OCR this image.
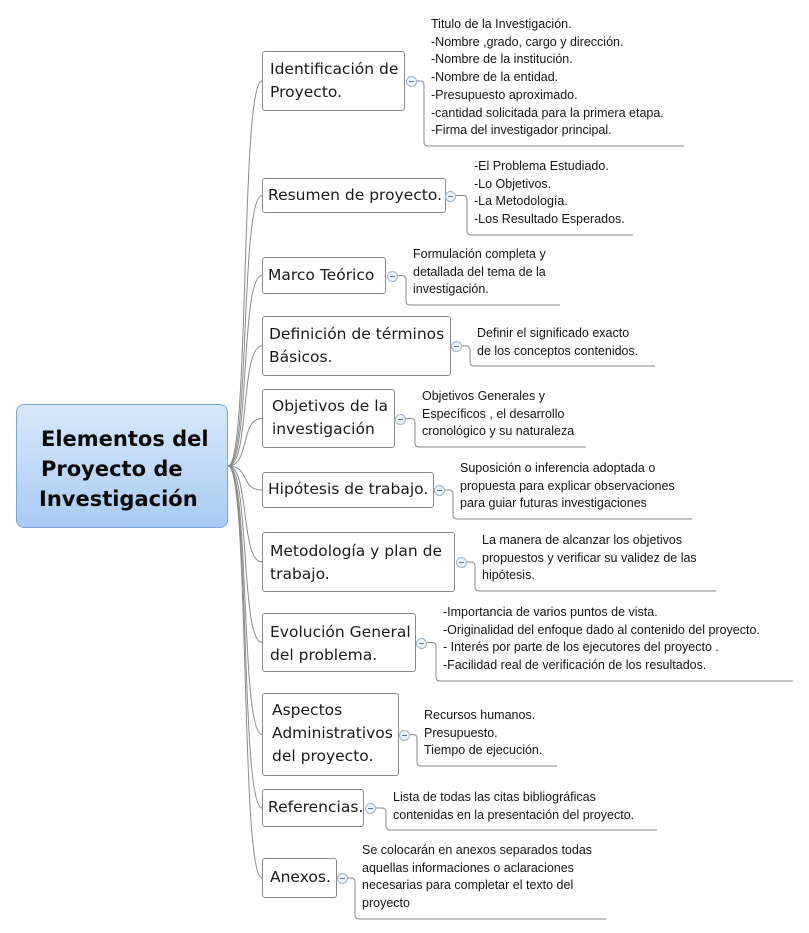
Elementos del
Proyecto de
Investigación
Identificación de
Proyecto.
Titulo de la Investigación.
-Nombre ,grado, cargo y dirección.
-Nombre de la institución.
-Nombre de la entidad.
-Presupuesto aproximado.
-cantidad solicitada para la primera etapa.
-Firma del investigador principal.
Resumen de proyecto.
-El Problema Estudiado.
-Lo Objetivos.
-La Metodología.
-Los Resultado Esperados.
Marco Teórico
Formulación completa y
detallada del tema de la
investigación.
Definición de términos
Básicos.
Definir el significado exacto
de los conceptos contenidos.
Objetivos de la
investigación
Objetivos Generales y
Específicos , el desarrollo
cronológico y su naturaleza
Hipótesis de trabajo.
Suposición o inferencia adoptada o
propuesta para explicar observaciones
para guiar futuras investigaciones
Metodología y plan de
trabajo.
La manera de alcanzar los objetivos
propuestos y verificar su validez de las
hipótesis.
Evolución General
del problema.
-Importancia de varios puntos de vista.
-Originalidad del enfoque dado al contenido del proyecto.
- Interés por parte de los ejecutores del proyecto .
-Facilidad real de verificación de los resultados.
Aspectos
Administrativos
del proyecto.
Recursos humanos.
Presupuesto.
Tiempo de ejecución.
Referencias.
Lista de todas las citas bibliográficas
contenidas en la presentación del proyecto.
Anexos.
Se colocarán en anexos separados todas
aquellas informaciones o aclaraciones
necesarias para completar el texto del
proyecto
